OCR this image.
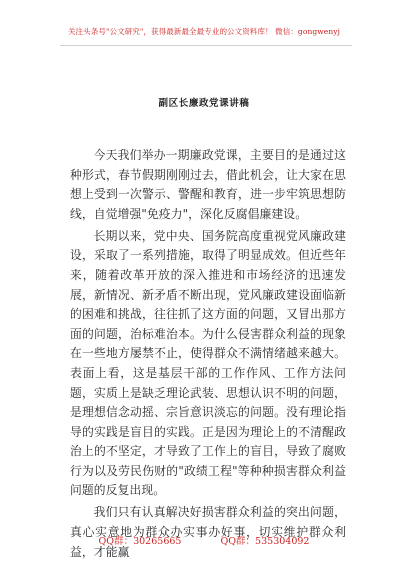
关注头条号"公文研究"，获得最新最全最专业的公文资料库！ 微信：gongwenyj
副区长廉政党课讲稿

今天我们举办一期廉政党课，主要目的是通过这种形式，春节假期刚刚过去，借此机会，让大家在思想上受到一次警示、警醒和教育，进一步牢筑思想防线，自觉增强"免疫力"，深化反腐倡廉建设。

长期以来，党中央、国务院高度重视党风廉政建设，采取了一系列措施，取得了明显成效。但近些年来，随着改革开放的深入推进和市场经济的迅速发展，新情况、新矛盾不断出现，党风廉政建设面临新的困难和挑战，往往抓了这方面的问题，又冒出那方面的问题，治标难治本。为什么侵害群众利益的现象在一些地方屡禁不止，使得群众不满情绪越来越大。表面上看，这是基层干部的工作作风、工作方法问题，实质上是缺乏理论武装、思想认识不明的问题，是理想信念动摇、宗旨意识淡忘的问题。没有理论指导的实践是盲目的实践。正是因为理论上的不清醒政治上的不坚定，才导致了工作上的盲目，导致了腐败行为以及劳民伤财的"政绩工程"等种种损害群众利益问题的反复出现。

我们只有认真解决好损害群众利益的突出问题，真心实意地为群众办实事办好事，切实维护群众利益，才能赢

QQ群：30265665	QQ群：535304092
